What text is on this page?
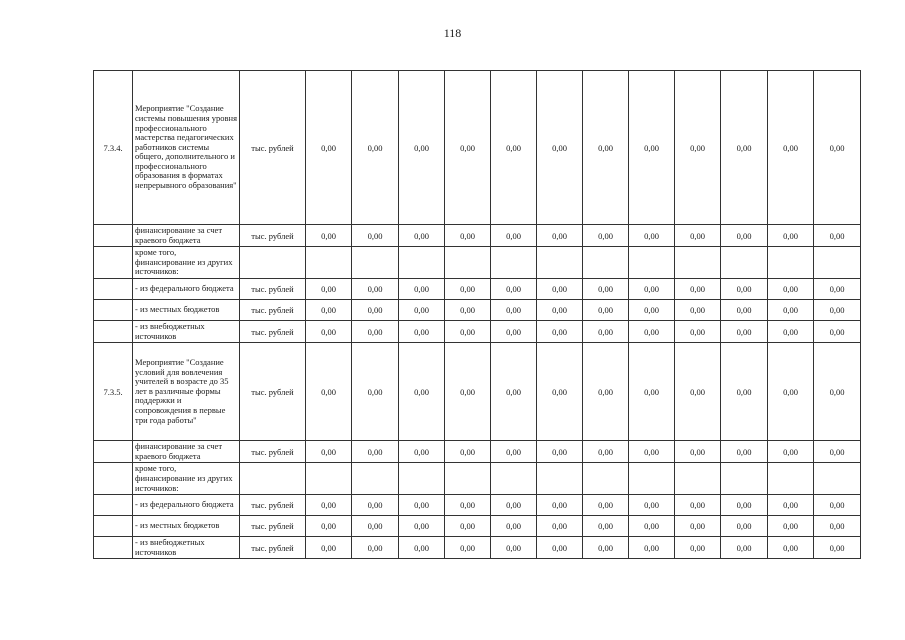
118
7.3.4.	Мероприятие "Создание системы повышения уровня профессионального мастерства педагогических работников системы общего, дополнительного и профессионального образования в форматах непрерывного образования"	тыс. рублей	0,00	0,00	0,00	0,00	0,00	0,00	0,00	0,00	0,00	0,00	0,00	0,00
	финансирование за счет краевого бюджета	тыс. рублей	0,00	0,00	0,00	0,00	0,00	0,00	0,00	0,00	0,00	0,00	0,00	0,00
	кроме того, финансирование из других источников:													
	- из федерального бюджета	тыс. рублей	0,00	0,00	0,00	0,00	0,00	0,00	0,00	0,00	0,00	0,00	0,00	0,00
	- из местных бюджетов	тыс. рублей	0,00	0,00	0,00	0,00	0,00	0,00	0,00	0,00	0,00	0,00	0,00	0,00
	- из внебюджетных источников	тыс. рублей	0,00	0,00	0,00	0,00	0,00	0,00	0,00	0,00	0,00	0,00	0,00	0,00
7.3.5.	Мероприятие "Создание условий для вовлечения учителей в возрасте до 35 лет в различные формы поддержки и сопровождения в первые три года работы"	тыс. рублей	0,00	0,00	0,00	0,00	0,00	0,00	0,00	0,00	0,00	0,00	0,00	0,00
	финансирование за счет краевого бюджета	тыс. рублей	0,00	0,00	0,00	0,00	0,00	0,00	0,00	0,00	0,00	0,00	0,00	0,00
	кроме того, финансирование из других источников:													
	- из федерального бюджета	тыс. рублей	0,00	0,00	0,00	0,00	0,00	0,00	0,00	0,00	0,00	0,00	0,00	0,00
	- из местных бюджетов	тыс. рублей	0,00	0,00	0,00	0,00	0,00	0,00	0,00	0,00	0,00	0,00	0,00	0,00
	- из внебюджетных источников	тыс. рублей	0,00	0,00	0,00	0,00	0,00	0,00	0,00	0,00	0,00	0,00	0,00	0,00
